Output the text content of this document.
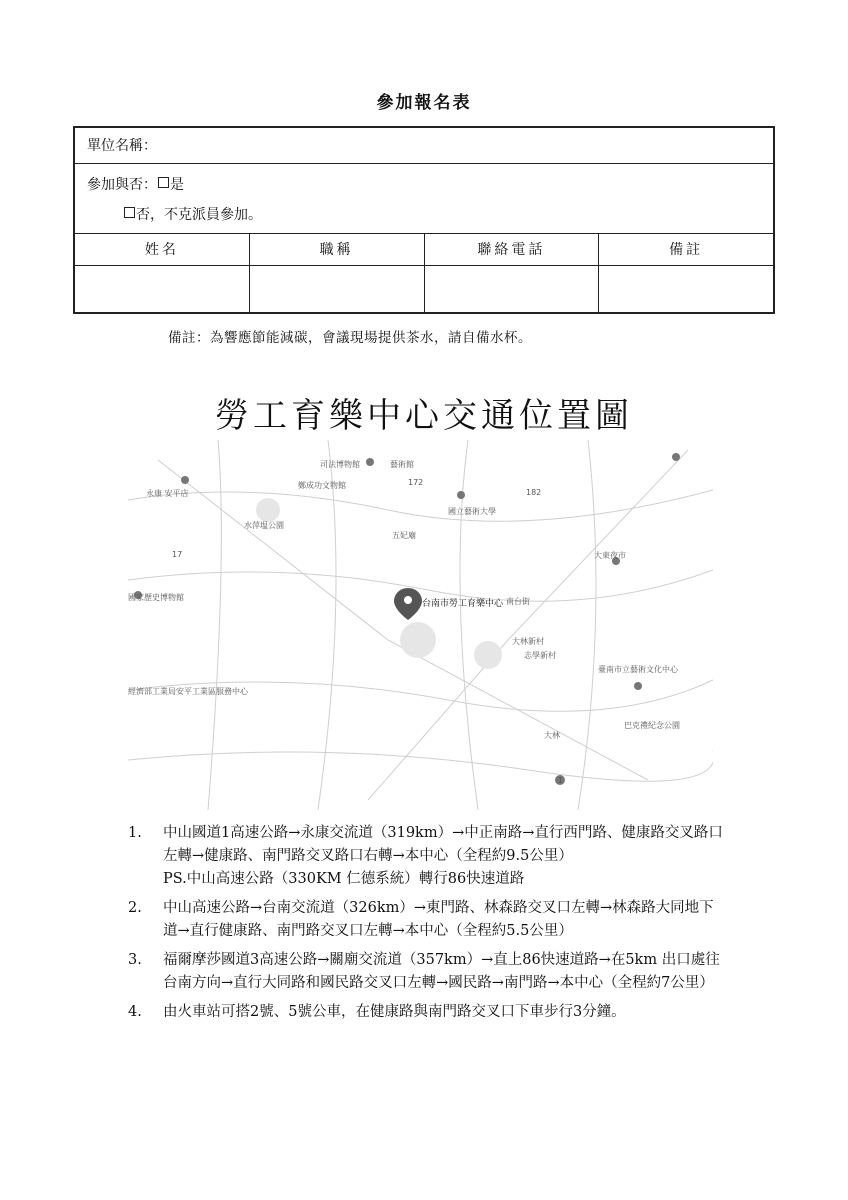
參加報名表
單位名稱：
參加與否： 是
否，不克派員參加。
姓名	職稱	聯絡電話	備註
備註：為響應節能減碳，會議現場提供茶水，請自備水杯。
勞工育樂中心交通位置圖
司法博物館	藝術館
鄭成功文物館
國立藝術大學
五妃廟
水萍塭公園
永康 安平店
國家歷史博物館
台南市勞工育樂中心 南台街
大林新村
志學新村
臺南市立藝術文化中心
經濟部工業局安平工業區服務中心
大東夜市
巴克禮紀念公園
大林
172
182
17
1
1. 中山國道1高速公路→永康交流道（319km）→中正南路→直行西門路、健康路交叉路口左轉→健康路、南門路交叉路口右轉→本中心（全程約9.5公里）
PS.中山高速公路（330KM 仁德系統）轉行86快速道路
2. 中山高速公路→台南交流道（326km）→東門路、林森路交叉口左轉→林森路大同地下道→直行健康路、南門路交叉口左轉→本中心（全程約5.5公里）
3. 福爾摩莎國道3高速公路→關廟交流道（357km）→直上86快速道路→在5km 出口處往台南方向→直行大同路和國民路交叉口左轉→國民路→南門路→本中心（全程約7公里）
4. 由火車站可搭2號、5號公車，在健康路與南門路交叉口下車步行3分鐘。
